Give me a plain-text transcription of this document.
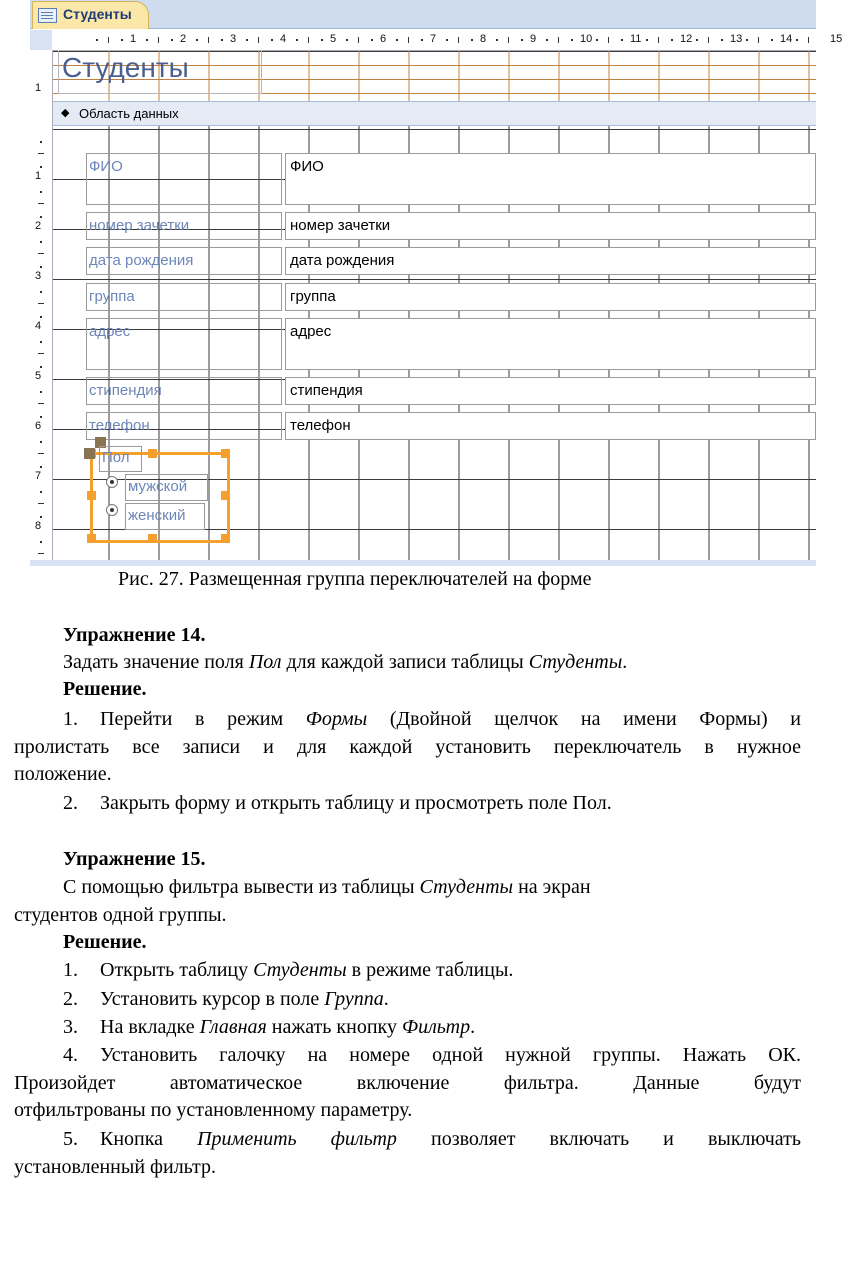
Студенты
1	2	3	4	5	6	7	8	9	10	11	12	13	14	15
1
1
2
3
4
5
6
7
8
Студенты
◆ Область данных
ФИО	ФИО
номер зачетки	номер зачетки
дата рождения	дата рождения
группа	группа
адрес	адрес
стипендия	стипендия
телефон	телефон
Пол
мужской
женский
Рис. 27. Размещенная группа переключателей на форме
Упражнение 14.
Задать значение поля Пол для каждой записи таблицы Студенты.
Решение.
1. Перейти в режим Формы (Двойной щелчок на имени Формы) и
пролистать все записи и для каждой установить переключатель в нужное
положение.
2. Закрыть форму и открыть таблицу и просмотреть поле Пол.
Упражнение 15.
С помощью фильтра вывести из таблицы Студенты на экран
студентов одной группы.
Решение.
1. Открыть таблицу Студенты в режиме таблицы.
2. Установить курсор в поле Группа.
3. На вкладке Главная нажать кнопку Фильтр.
4. Установить галочку на номере одной нужной группы. Нажать ОК.
Произойдет автоматическое включение фильтра. Данные будут
отфильтрованы по установленному параметру.
5. Кнопка Применить фильтр позволяет включать и выключать
установленный фильтр.
